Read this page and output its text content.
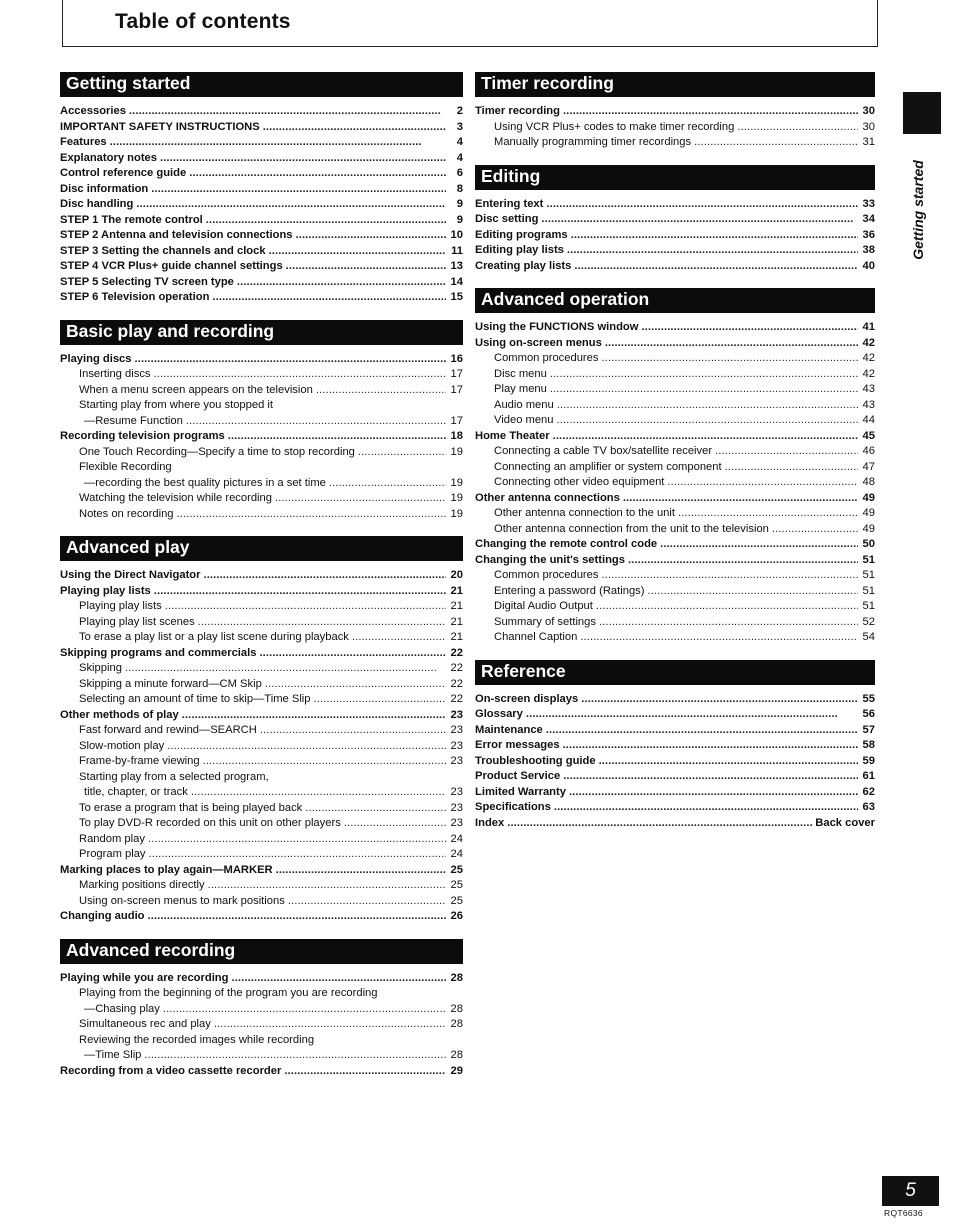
Table of contents
Getting started
Accessories . . .	2
IMPORTANT SAFETY INSTRUCTIONS . . .	3
Features . . .	4
Explanatory notes . . .	4
Control reference guide . . .	6
Disc information . . .	8
Disc handling . . .	9
STEP 1 The remote control . . .	9
STEP 2 Antenna and television connections . . .	10
STEP 3 Setting the channels and clock . . .	11
STEP 4 VCR Plus+ guide channel settings . . .	13
STEP 5 Selecting TV screen type . . .	14
STEP 6 Television operation . . .	15
Basic play and recording
Playing discs . . .	16
Inserting discs . . .	17
When a menu screen appears on the television . . .	17
Starting play from where you stopped it
—Resume Function . . .	17
Recording television programs . . .	18
One Touch Recording—Specify a time to stop recording . . .	19
Flexible Recording
—recording the best quality pictures in a set time . . .	19
Watching the television while recording . . .	19
Notes on recording . . .	19
Advanced play
Using the Direct Navigator . . .	20
Playing play lists . . .	21
Playing play lists . . .	21
Playing play list scenes . . .	21
To erase a play list or a play list scene during playback . . .	21
Skipping programs and commercials . . .	22
Skipping . . .	22
Skipping a minute forward—CM Skip . . .	22
Selecting an amount of time to skip—Time Slip . . .	22
Other methods of play . . .	23
Fast forward and rewind—SEARCH . . .	23
Slow-motion play . . .	23
Frame-by-frame viewing . . .	23
Starting play from a selected program,
title, chapter, or track . . .	23
To erase a program that is being played back . . .	23
To play DVD-R recorded on this unit on other players . . .	23
Random play . . .	24
Program play . . .	24
Marking places to play again—MARKER . . .	25
Marking positions directly . . .	25
Using on-screen menus to mark positions . . .	25
Changing audio . . .	26
Advanced recording
Playing while you are recording . . .	28
Playing from the beginning of the program you are recording
—Chasing play . . .	28
Simultaneous rec and play . . .	28
Reviewing the recorded images while recording
—Time Slip . . .	28
Recording from a video cassette recorder . . .	29
Timer recording
Timer recording . . .	30
Using VCR Plus+ codes to make timer recording . . .	30
Manually programming timer recordings . . .	31
Editing
Entering text . . .	33
Disc setting . . .	34
Editing programs . . .	36
Editing play lists . . .	38
Creating play lists . . .	40
Advanced operation
Using the FUNCTIONS window . . .	41
Using on-screen menus . . .	42
Common procedures . . .	42
Disc menu . . .	42
Play menu . . .	43
Audio menu . . .	43
Video menu . . .	44
Home Theater . . .	45
Connecting a cable TV box/satellite receiver . . .	46
Connecting an amplifier or system component . . .	47
Connecting other video equipment . . .	48
Other antenna connections . . .	49
Other antenna connection to the unit . . .	49
Other antenna connection from the unit to the television . . .	49
Changing the remote control code . . .	50
Changing the unit's settings . . .	51
Common procedures . . .	51
Entering a password (Ratings) . . .	51
Digital Audio Output . . .	51
Summary of settings . . .	52
Channel Caption . . .	54
Reference
On-screen displays . . .	55
Glossary . . .	56
Maintenance . . .	57
Error messages . . .	58
Troubleshooting guide . . .	59
Product Service . . .	61
Limited Warranty . . .	62
Specifications . . .	63
Index . . .	Back cover
Getting started
5
RQT6636
